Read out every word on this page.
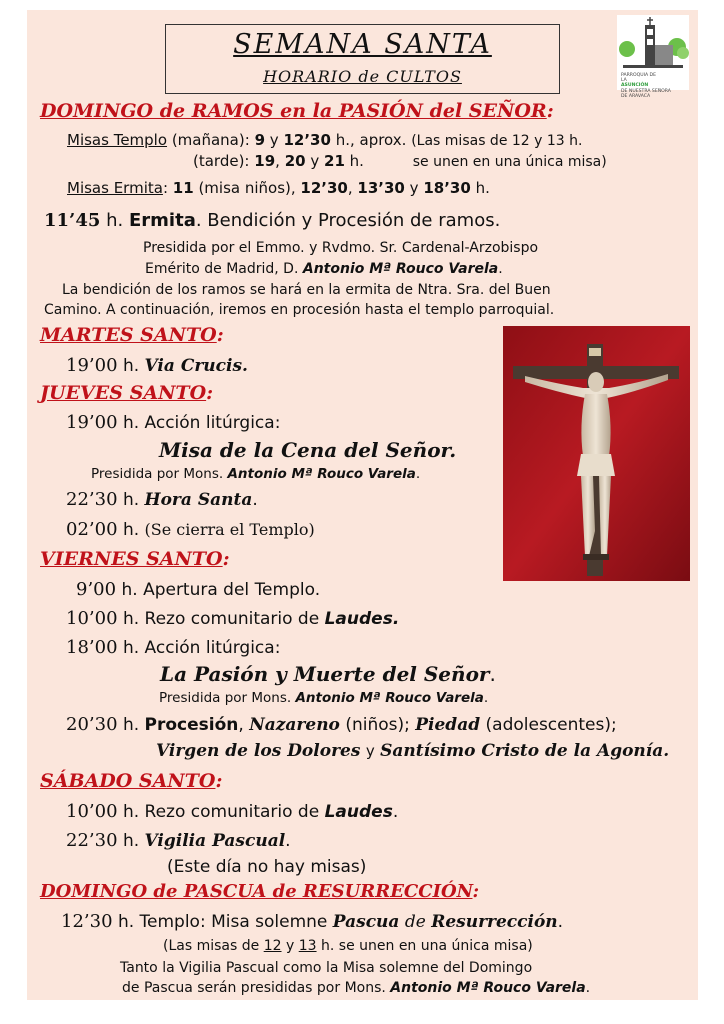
SEMANA SANTA
HORARIO de CULTOS	PARROQUIA DE
LA
ASUNCIÓN
DE NUESTRA SEÑORA
DE ARAVACA
DOMINGO de RAMOS en la PASIÓN del SEÑOR:
Misas Templo (mañana): 9 y 12’30 h., aprox. (Las misas de 12 y 13 h.
(tarde): 19, 20 y 21 h.	se unen en una única misa)
Misas Ermita: 11 (misa niños), 12’30, 13’30 y 18’30 h.
11’45 h. Ermita. Bendición y Procesión de ramos.
Presidida por el Emmo. y Rvdmo. Sr. Cardenal-Arzobispo
Emérito de Madrid, D. Antonio Mª Rouco Varela.
La bendición de los ramos se hará en la ermita de Ntra. Sra. del Buen
Camino. A continuación, iremos en procesión hasta el templo parroquial.
MARTES SANTO:
19’00 h. Via Crucis.
JUEVES SANTO:
19’00 h. Acción litúrgica:
Misa de la Cena del Señor.
Presidida por Mons. Antonio Mª Rouco Varela.
22’30 h. Hora Santa.
02’00 h. (Se cierra el Templo)
VIERNES SANTO:
9’00 h. Apertura del Templo.
10’00 h. Rezo comunitario de Laudes.
18’00 h. Acción litúrgica:
La Pasión y Muerte del Señor.
Presidida por Mons. Antonio Mª Rouco Varela.
20’30 h. Procesión, Nazareno (niños); Piedad (adolescentes);
Virgen de los Dolores y Santísimo Cristo de la Agonía.
SÁBADO SANTO:
10’00 h. Rezo comunitario de Laudes.
22’30 h. Vigilia Pascual.
(Este día no hay misas)
DOMINGO de PASCUA de RESURRECCIÓN:
12’30 h. Templo: Misa solemne Pascua de Resurrección.
(Las misas de 12 y 13 h. se unen en una única misa)
Tanto la Vigilia Pascual como la Misa solemne del Domingo
de Pascua serán presididas por Mons. Antonio Mª Rouco Varela.
